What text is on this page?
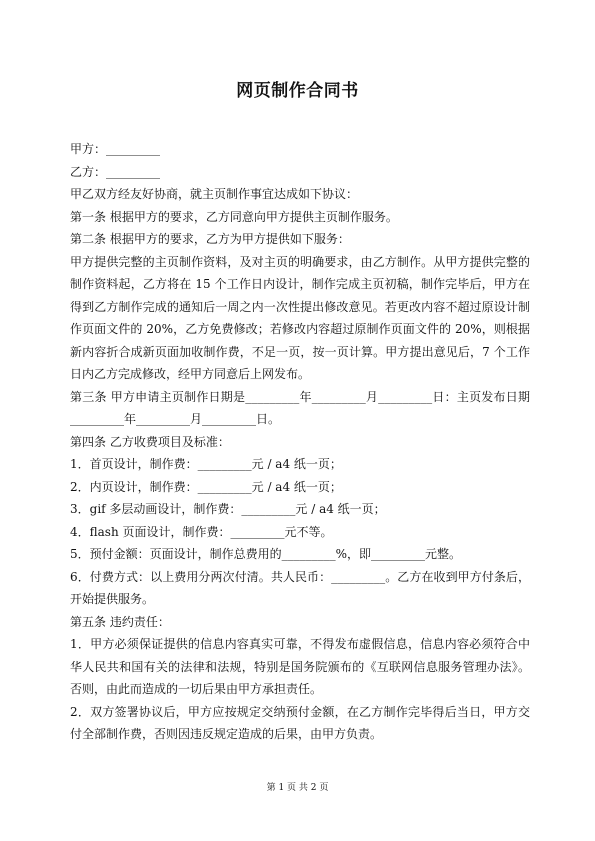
网页制作合同书

甲方：_________

乙方：_________

甲乙双方经友好协商，就主页制作事宜达成如下协议：

第一条 根据甲方的要求，乙方同意向甲方提供主页制作服务。

第二条 根据甲方的要求，乙方为甲方提供如下服务：

甲方提供完整的主页制作资料，及对主页的明确要求，由乙方制作。从甲方提供完整的制作资料起，乙方将在 15 个工作日内设计，制作完成主页初稿，制作完毕后，甲方在得到乙方制作完成的通知后一周之内一次性提出修改意见。若更改内容不超过原设计制作页面文件的 20%，乙方免费修改；若修改内容超过原制作页面文件的 20%，则根据新内容折合成新页面加收制作费，不足一页，按一页计算。甲方提出意见后，7 个工作日内乙方完成修改，经甲方同意后上网发布。

第三条 甲方申请主页制作日期是_________年_________月_________日：主页发布日期_________年_________月_________日。

第四条 乙方收费项目及标准：

1．首页设计，制作费：_________元 / a4 纸一页；

2．内页设计，制作费：_________元 / a4 纸一页；

3．gif 多层动画设计，制作费：_________元 / a4 纸一页；

4．flash 页面设计，制作费：_________元不等。

5．预付金额：页面设计，制作总费用的_________%，即_________元整。

6．付费方式：以上费用分两次付清。共人民币：_________。乙方在收到甲方付条后，开始提供服务。

第五条 违约责任：

1．甲方必须保证提供的信息内容真实可靠，不得发布虚假信息，信息内容必须符合中华人民共和国有关的法律和法规，特别是国务院颁布的《互联网信息服务管理办法》。否则，由此而造成的一切后果由甲方承担责任。

2．双方签署协议后，甲方应按规定交纳预付金额，在乙方制作完毕得后当日，甲方交付全部制作费，否则因违反规定造成的后果，由甲方负责。

第 1 页 共 2 页
